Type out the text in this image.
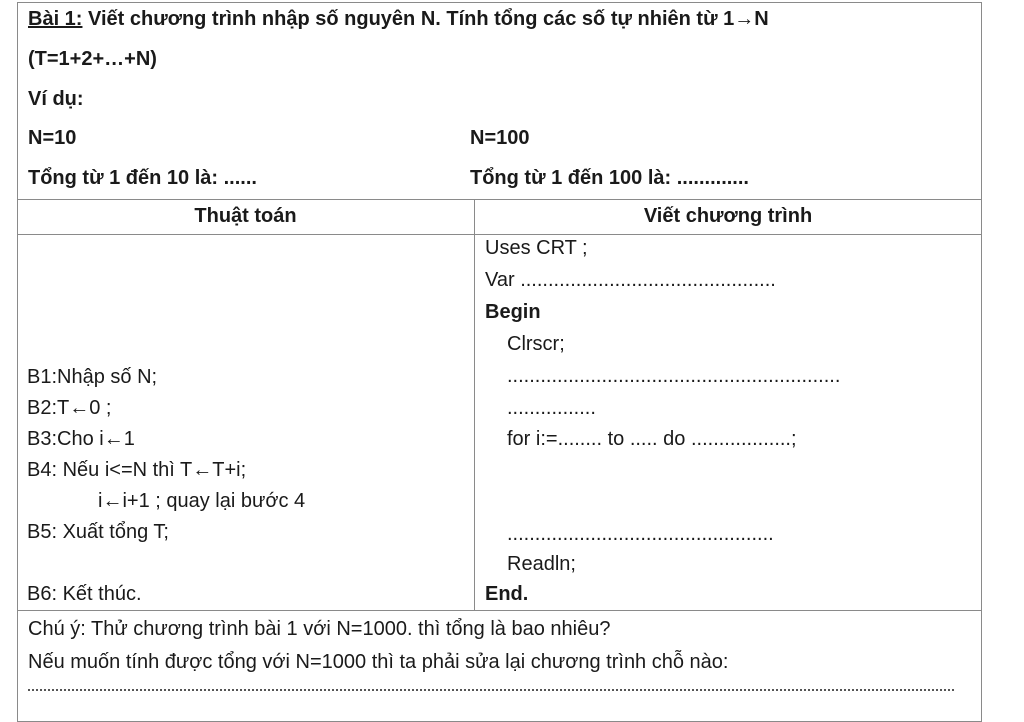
Bài 1: Viết chương trình nhập số nguyên N. Tính tổng các số tự nhiên từ 1→N
(T=1+2+…+N)
Ví dụ:
N=10
Tổng từ 1 đến 10 là: ......
N=100
Tổng từ 1 đến 100 là: .............
Thuật toán	Viết chương trình
B1:Nhập số N;
B2:T←0 ;
B3:Cho i←1
B4: Nếu i<=N thì T←T+i;
i←i+1 ; quay lại bước 4
B5: Xuất tổng T;
B6: Kết thúc.
Uses CRT ;
Var ..............................................
Begin
Clrscr;
............................................................
................
for i:=........ to ..... do ..................;
................................................
Readln;
End.
Chú ý: Thử chương trình bài 1 với N=1000. thì tổng là bao nhiêu?
Nếu muốn tính được tổng với N=1000 thì ta phải sửa lại chương trình chỗ nào:
